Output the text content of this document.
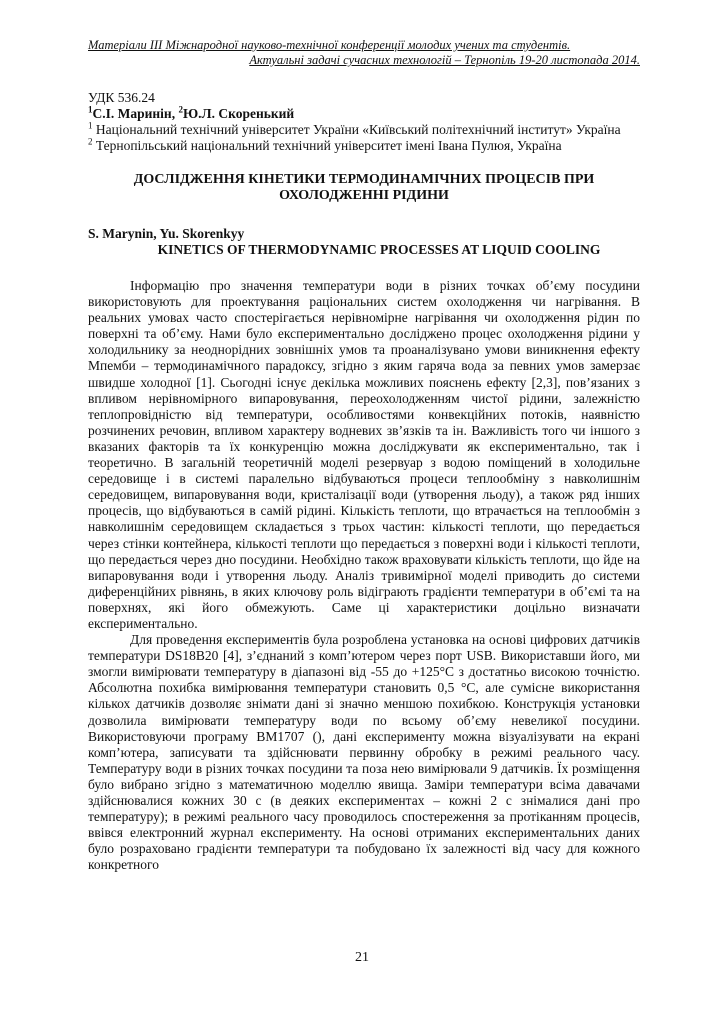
Матеріали ІІІ Міжнародної науково-технічної конференції молодих учених та студентів.
Актуальні задачі сучасних технологій – Тернопіль 19-20 листопада 2014.
УДК 536.24
$^1$С.І. Маринін, $^2$Ю.Л. Скоренький
$^1$ Національний технічний університет України «Київський політехнічний інститут» Україна
$^2$ Тернопільський національний технічний університет імені Івана Пулюя, Україна
ДОСЛІДЖЕННЯ КІНЕТИКИ ТЕРМОДИНАМІЧНИХ ПРОЦЕСІВ ПРИ ОХОЛОДЖЕННІ РІДИНИ
S. Marynin, Yu. Skorenkyy
KINETICS OF THERMODYNAMIC PROCESSES AT LIQUID COOLING

Інформацію про значення температури води в різних точках об’єму посудини використовують для проектування раціональних систем охолодження чи нагрівання. В реальних умовах часто спостерігається нерівномірне нагрівання чи охолодження рідин по поверхні та об’єму. Нами було експериментально досліджено процес охолодження рідини у холодильнику за неоднорідних зовнішніх умов та проаналізувано умови виникнення ефекту Мпемби – термодинамічного парадоксу, згідно з яким гаряча вода за певних умов замерзає швидше холодної [1]. Сьогодні існує декілька можливих пояснень ефекту [2,3], пов’язаних з впливом нерівномірного випаровування, переохолодженням чистої рідини, залежністю теплопровідністю від температури, особливостями конвекційних потоків, наявністю розчинених речовин, впливом характеру водневих зв’язків та ін. Важливість того чи іншого з вказаних факторів та їх конкуренцію можна досліджувати як експериментально, так і теоретично. В загальній теоретичній моделі резервуар з водою поміщений в холодильне середовище і в системі паралельно відбуваються процеси теплообміну з навколишнім середовищем, випаровування води, кристалізації води (утворення льоду), а також ряд інших процесів, що відбуваються в самій рідині. Кількість теплоти, що втрачається на теплообмін з навколишнім середовищем складається з трьох частин: кількості теплоти, що передається через стінки контейнера, кількості теплоти що передається з поверхні води і кількості теплоти, що передається через дно посудини. Необхідно також враховувати кількість теплоти, що йде на випаровування води і утворення льоду. Аналіз тривимірної моделі приводить до системи диференційних рівнянь, в яких ключову роль відіграють градієнти температури в об’ємі та на поверхнях, які його обмежують. Саме ці характеристики доцільно визначати експериментально.

Для проведення експериментів була розроблена установка на основі цифрових датчиків температури DS18B20 [4], з’єднаний з комп’ютером через порт USB. Використавши його, ми змогли вимірювати температуру в діапазоні від -55 до +125°C з достатньо високою точністю. Абсолютна похибка вимірювання температури становить 0,5 °C, але сумісне використання кількох датчиків дозволяє знімати дані зі значно меншою похибкою. Конструкція установки дозволила вимірювати температуру води по всьому об’єму невеликої посудини. Використовуючи програму BM1707 (), дані експерименту можна візуалізувати на екрані комп’ютера, записувати та здійснювати первинну обробку в режимі реального часу. Температуру води в різних точках посудини та поза нею вимірювали 9 датчиків. Їх розміщення було вибрано згідно з математичною моделлю явища. Заміри температури всіма давачами здійснювалися кожних 30 с (в деяких експериментах – кожні 2 с знімалися дані про температуру); в режимі реального часу проводилось спостереження за протіканням процесів, ввівся електронний журнал експерименту. На основі отриманих експериментальних даних було розраховано градієнти температури та побудовано їх залежності від часу для кожного конкретного

21
